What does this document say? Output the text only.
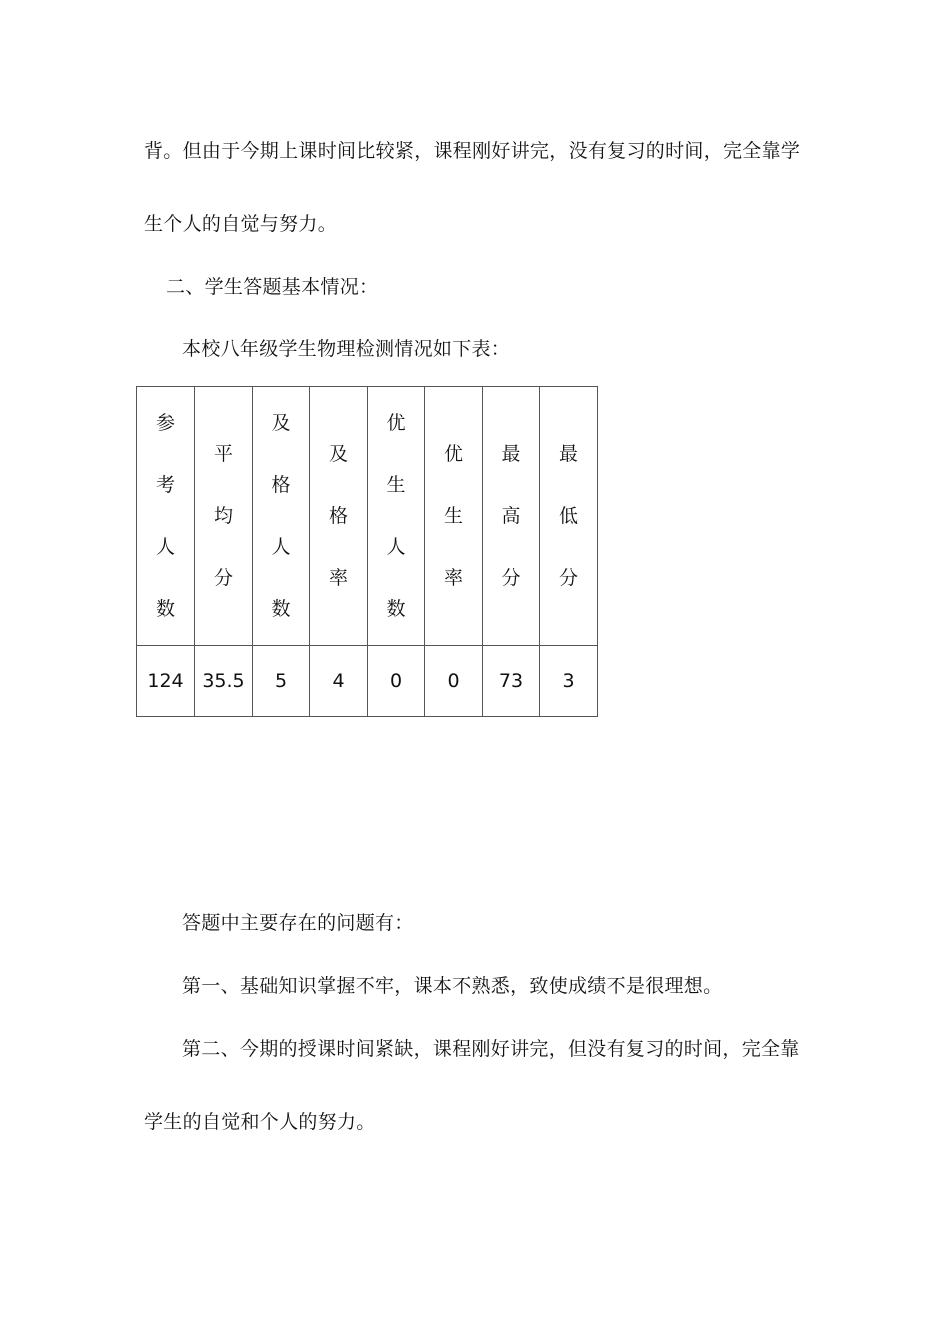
背。但由于今期上课时间比较紧，课程刚好讲完，没有复习的时间，完全靠学
生个人的自觉与努力。
二、学生答题基本情况：
本校八年级学生物理检测情况如下表：
参考人数	平均分	及格人数	及格率	优生人数	优生率	最高分	最低分
124	35.5	5	4	0	0	73	3
答题中主要存在的问题有：
第一、基础知识掌握不牢，课本不熟悉，致使成绩不是很理想。
第二、今期的授课时间紧缺，课程刚好讲完，但没有复习的时间，完全靠
学生的自觉和个人的努力。
